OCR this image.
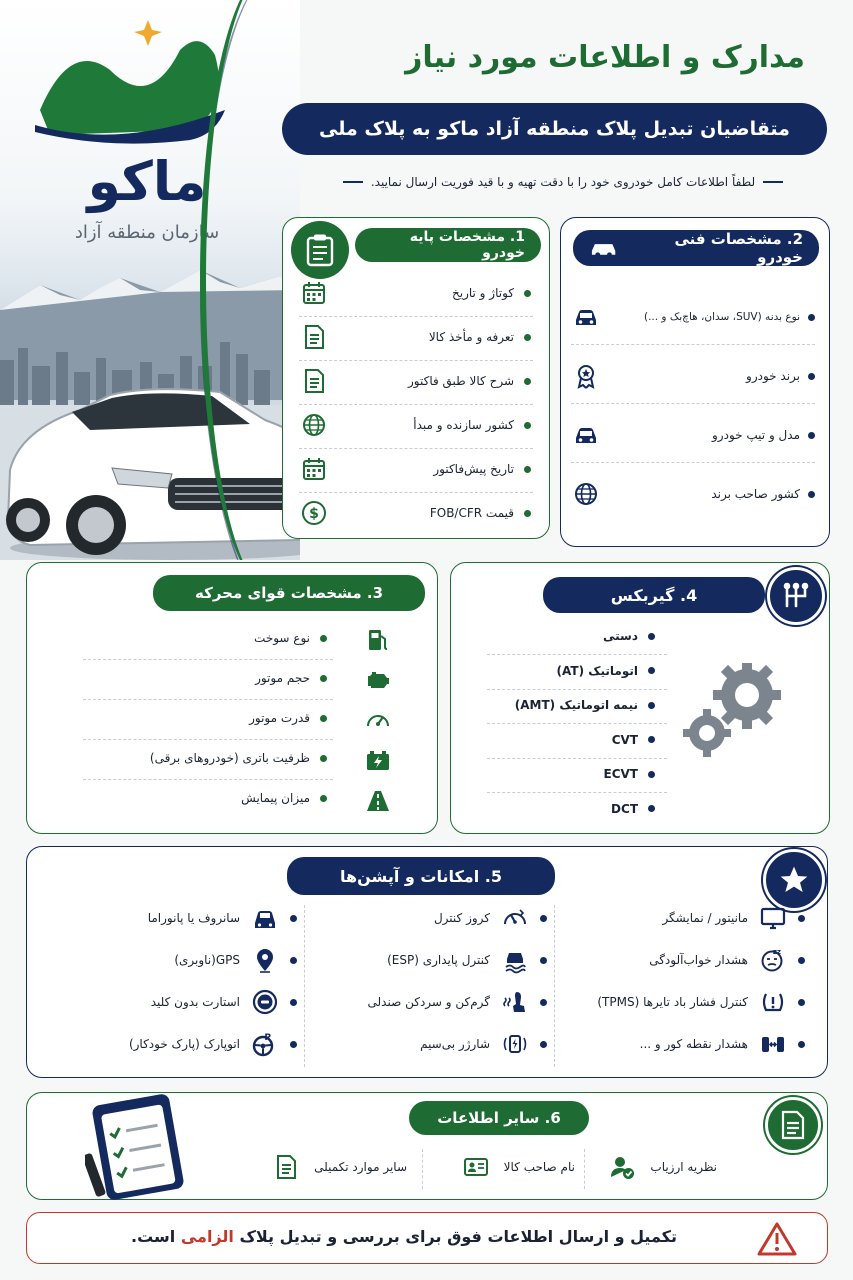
ماکو
سازمان منطقه آزاد
مدارک و اطلاعات مورد نیاز
متقاضیان تبدیل پلاک منطقه آزاد ماکو به پلاک ملی
لطفاً اطلاعات کامل خودروی خود را با دقت تهیه و با قید فوریت ارسال نمایید.
2. مشخصات فنی خودرو
نوع بدنه (SUV، سدان، هاچ‌بک و ...)
برند خودرو
مدل و تیپ خودرو
کشور صاحب برند
1. مشخصات پایه خودرو
کوتاژ و تاریخ
تعرفه و مأخذ کالا
شرح کالا طبق فاکتور
کشور سازنده و مبدأ
تاریخ پیش‌فاکتور
قیمت FOB/CFR
$
4. گیربکس
دستی
اتوماتیک (AT)
نیمه اتوماتیک (AMT)
CVT
ECVT
DCT
3. مشخصات قوای محرکه
نوع سوخت
حجم موتور
قدرت موتور
ظرفیت باتری (خودروهای برقی)
میزان پیمایش
5. امکانات و آپشن‌ها
مانیتور / نمایشگر
zz
هشدار خواب‌آلودگی
کنترل فشار باد تایرها (TPMS)
هشدار نقطه کور و ...
کروز کنترل
کنترل پایداری (ESP)
گرم‌کن و سردکن صندلی
شارژر بی‌سیم
سانروف یا پانوراما
GPS(ناوبری)
استارت بدون کلید
P
اتوپارک (پارک خودکار)
6. سایر اطلاعات
نظریه ارزیاب
نام صاحب کالا
سایر موارد تکمیلی
تکمیل و ارسال اطلاعات فوق برای بررسی و تبدیل پلاک الزامی است.
